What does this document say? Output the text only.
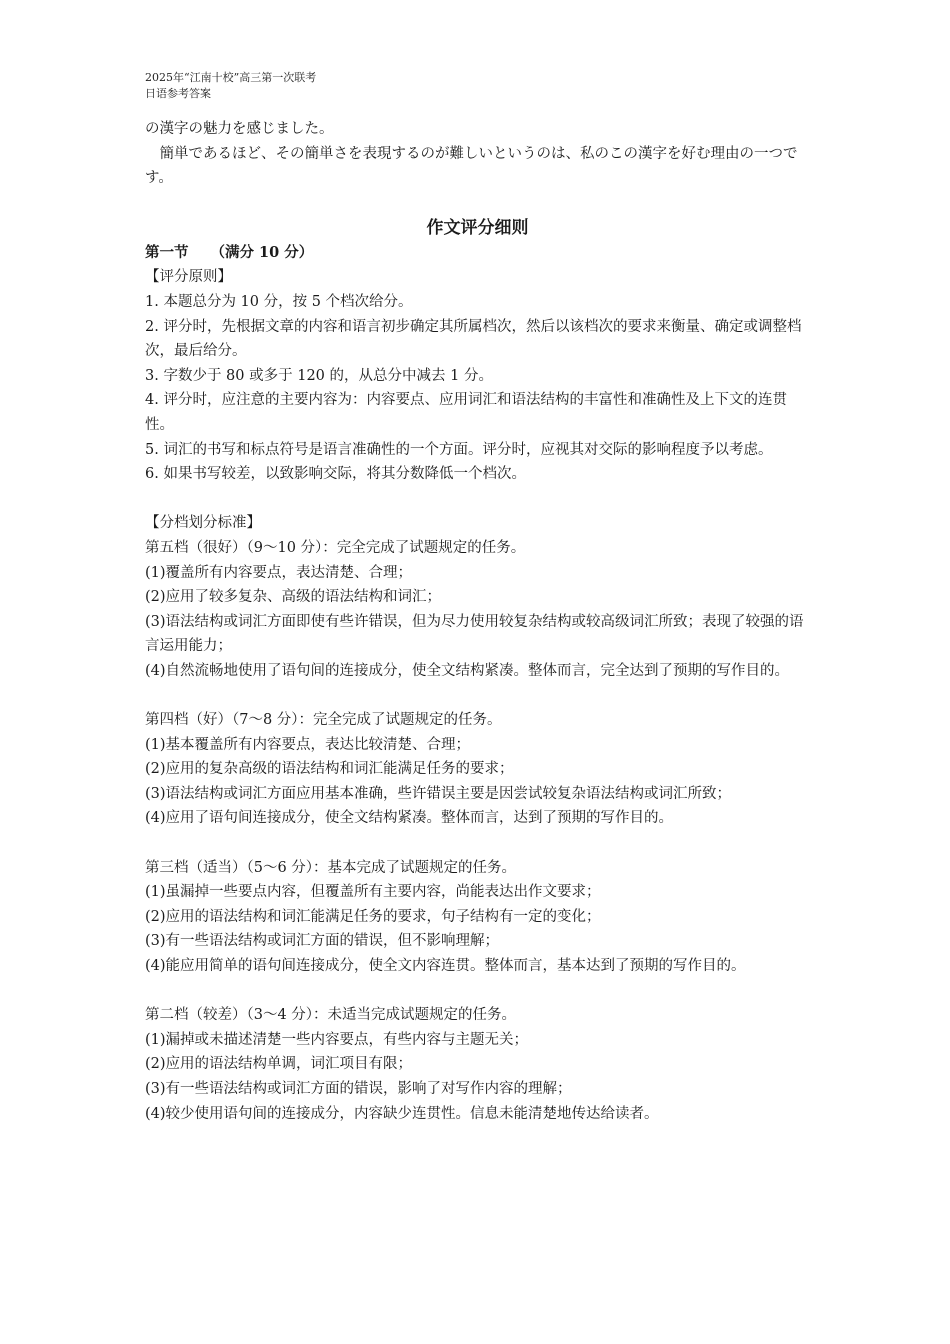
2025年“江南十校”高三第一次联考
日语参考答案

の漢字の魅力を感じました。

簡単であるほど、その簡単さを表現するのが難しいというのは、私のこの漢字を好む理由の一つです。

作文评分细则

第一节 （满分 10 分）

【评分原则】

1. 本题总分为 10 分，按 5 个档次给分。

2. 评分时，先根据文章的内容和语言初步确定其所属档次，然后以该档次的要求来衡量、确定或调整档次，最后给分。

3. 字数少于 80 或多于 120 的，从总分中减去 1 分。

4. 评分时，应注意的主要内容为：内容要点、应用词汇和语法结构的丰富性和准确性及上下文的连贯性。

5. 词汇的书写和标点符号是语言准确性的一个方面。评分时，应视其对交际的影响程度予以考虑。

6. 如果书写较差，以致影响交际，将其分数降低一个档次。

【分档划分标准】

第五档（很好）（9～10 分）：完全完成了试题规定的任务。

(1)覆盖所有内容要点，表达清楚、合理；

(2)应用了较多复杂、高级的语法结构和词汇；

(3)语法结构或词汇方面即使有些许错误，但为尽力使用较复杂结构或较高级词汇所致；表现了较强的语言运用能力；

(4)自然流畅地使用了语句间的连接成分，使全文结构紧凑。整体而言，完全达到了预期的写作目的。

第四档（好）（7～8 分）：完全完成了试题规定的任务。

(1)基本覆盖所有内容要点，表达比较清楚、合理；

(2)应用的复杂高级的语法结构和词汇能满足任务的要求；

(3)语法结构或词汇方面应用基本准确，些许错误主要是因尝试较复杂语法结构或词汇所致；

(4)应用了语句间连接成分，使全文结构紧凑。整体而言，达到了预期的写作目的。

第三档（适当）（5～6 分）：基本完成了试题规定的任务。

(1)虽漏掉一些要点内容，但覆盖所有主要内容，尚能表达出作文要求；

(2)应用的语法结构和词汇能满足任务的要求，句子结构有一定的变化；

(3)有一些语法结构或词汇方面的错误，但不影响理解；

(4)能应用简单的语句间连接成分，使全文内容连贯。整体而言，基本达到了预期的写作目的。

第二档（较差）（3～4 分）：未适当完成试题规定的任务。

(1)漏掉或未描述清楚一些内容要点，有些内容与主题无关；

(2)应用的语法结构单调，词汇项目有限；

(3)有一些语法结构或词汇方面的错误，影响了对写作内容的理解；

(4)较少使用语句间的连接成分，内容缺少连贯性。信息未能清楚地传达给读者。
